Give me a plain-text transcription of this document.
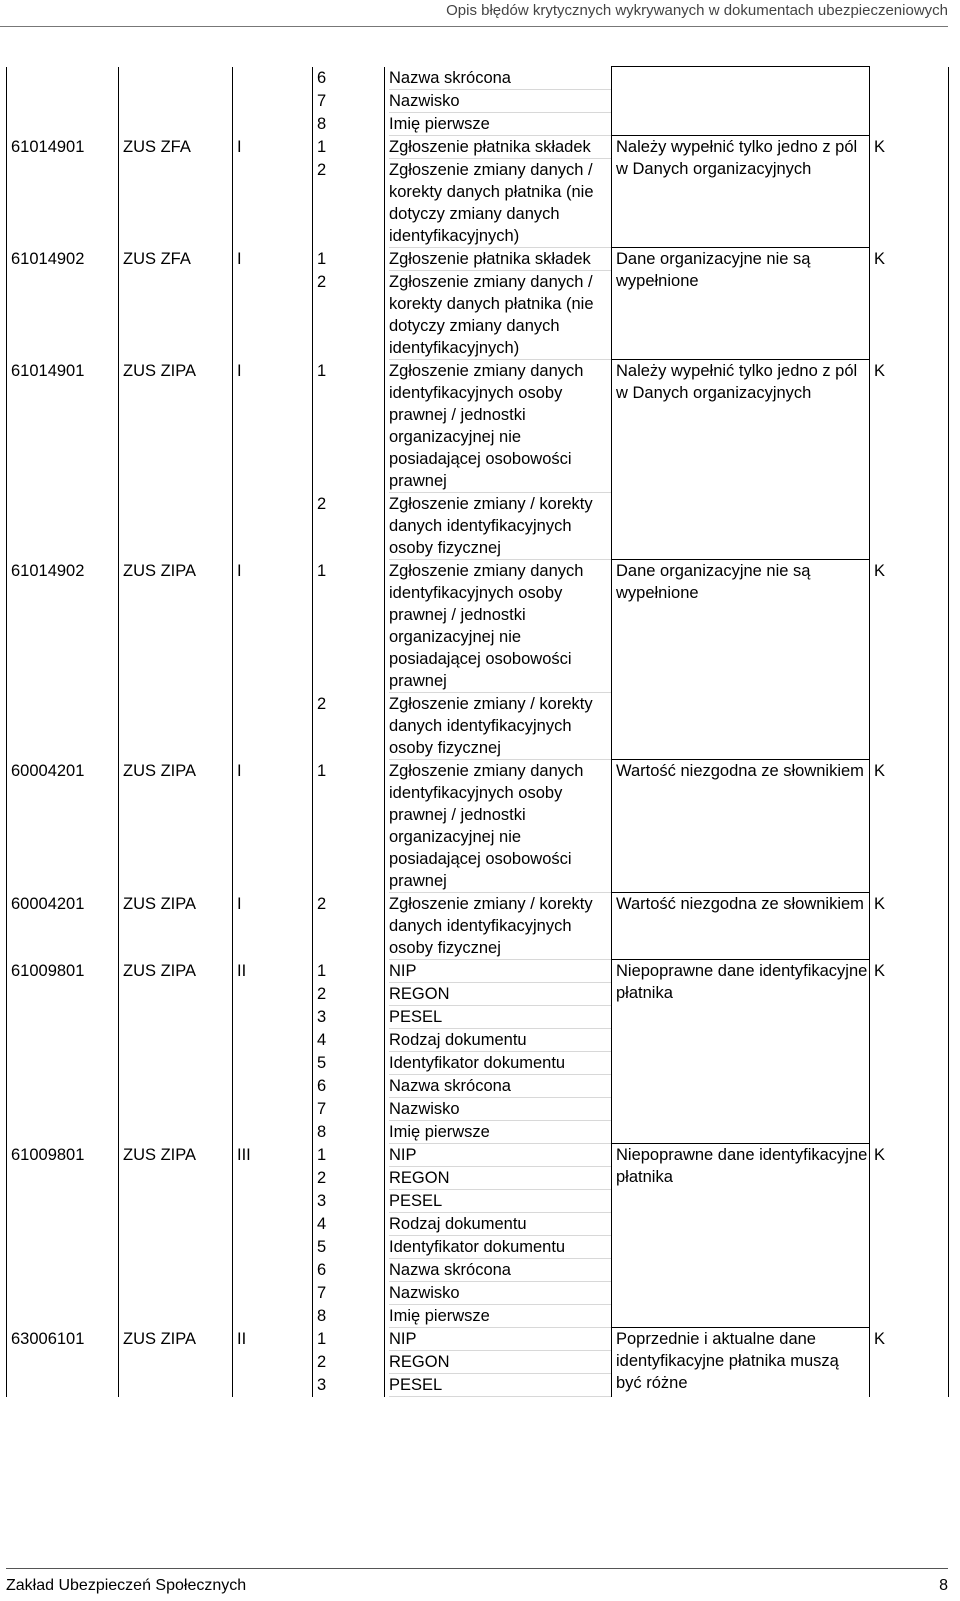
Opis błędów krytycznych wykrywanych w dokumentach ubezpieczeniowych
			6	Nazwa skrócona		

			7	Nazwisko		

			8	Imię pierwsze		

61014901	ZUS ZFA	I	1	Zgłoszenie płatnika składek	Należy wypełnić tylko jedno z pól w Danych organizacyjnych	K
			2	Zgłoszenie zmiany danych / korekty danych płatnika (nie dotyczy zmiany danych identyfikacyjnych)		

61014902	ZUS ZFA	I	1	Zgłoszenie płatnika składek	Dane organizacyjne nie są wypełnione	K
			2	Zgłoszenie zmiany danych / korekty danych płatnika (nie dotyczy zmiany danych identyfikacyjnych)		

61014901	ZUS ZIPA	I	1	Zgłoszenie zmiany danych identyfikacyjnych osoby prawnej / jednostki organizacyjnej nie posiadającej osobowości prawnej	Należy wypełnić tylko jedno z pól w Danych organizacyjnych	K
			2	Zgłoszenie zmiany / korekty danych identyfikacyjnych osoby fizycznej		

61014902	ZUS ZIPA	I	1	Zgłoszenie zmiany danych identyfikacyjnych osoby prawnej / jednostki organizacyjnej nie posiadającej osobowości prawnej	Dane organizacyjne nie są wypełnione	K
			2	Zgłoszenie zmiany / korekty danych identyfikacyjnych osoby fizycznej		

60004201	ZUS ZIPA	I	1	Zgłoszenie zmiany danych identyfikacyjnych osoby prawnej / jednostki organizacyjnej nie posiadającej osobowości prawnej	Wartość niezgodna ze słownikiem	K
60004201	ZUS ZIPA	I	2	Zgłoszenie zmiany / korekty danych identyfikacyjnych osoby fizycznej	Wartość niezgodna ze słownikiem	K
61009801	ZUS ZIPA	II	1	NIP	Niepoprawne dane identyfikacyjne płatnika	K
			2	REGON		

			3	PESEL		

			4	Rodzaj dokumentu		

			5	Identyfikator dokumentu		

			6	Nazwa skrócona		

			7	Nazwisko		

			8	Imię pierwsze		

61009801	ZUS ZIPA	III	1	NIP	Niepoprawne dane identyfikacyjne płatnika	K
			2	REGON		

			3	PESEL		

			4	Rodzaj dokumentu		

			5	Identyfikator dokumentu		

			6	Nazwa skrócona		

			7	Nazwisko		

			8	Imię pierwsze		

63006101	ZUS ZIPA	II	1	NIP	Poprzednie i aktualne dane identyfikacyjne płatnika muszą być różne	K
			2	REGON		

			3	PESEL		
Zakład Ubezpieczeń Społecznych	8
